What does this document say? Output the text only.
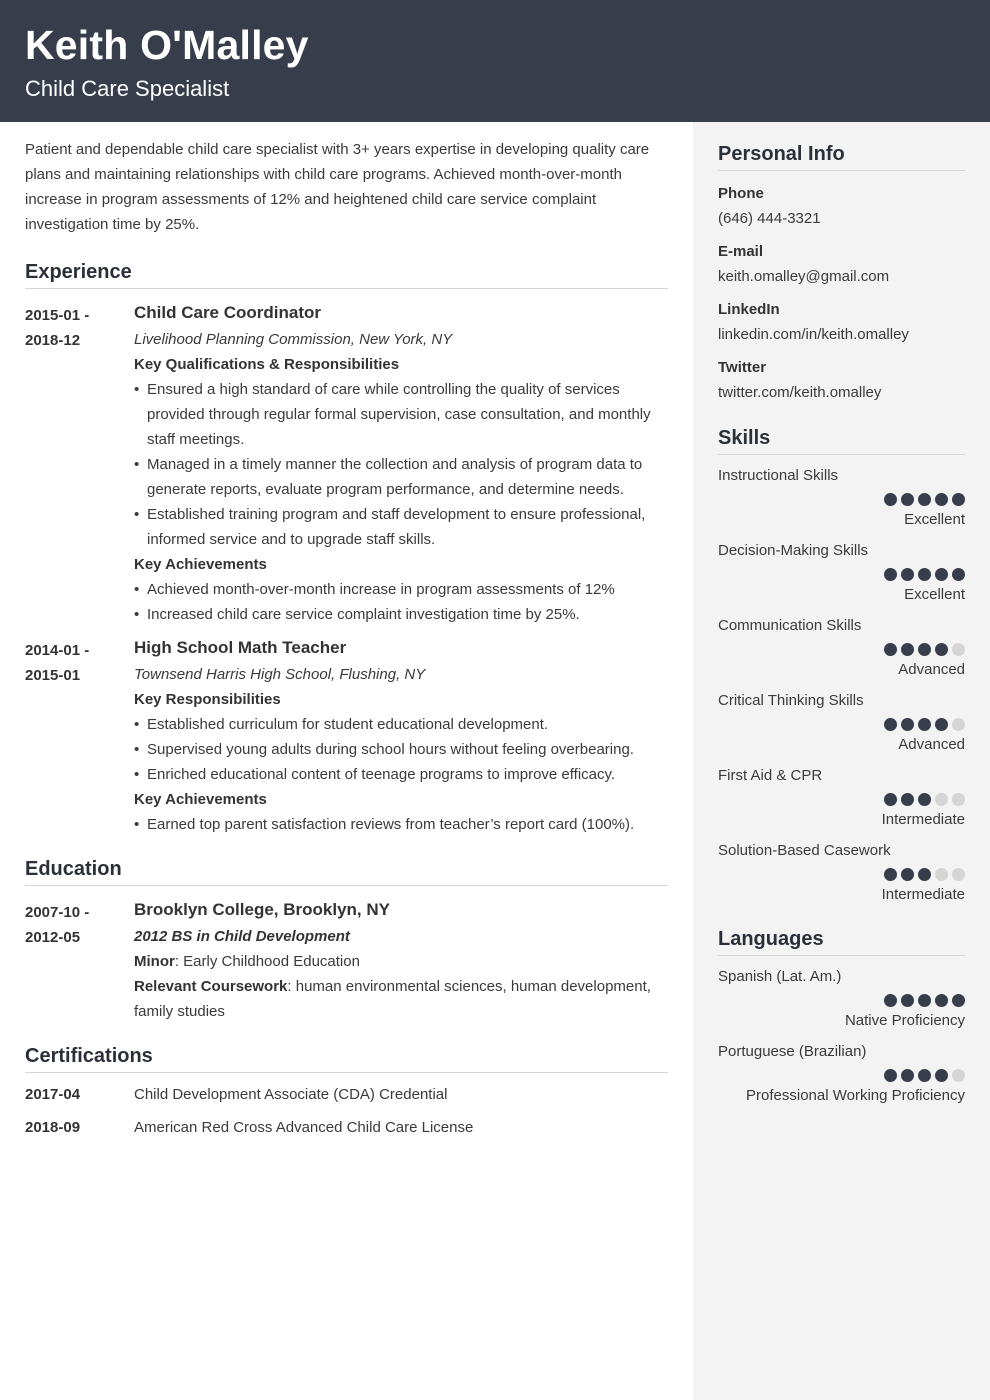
Keith O'Malley
Child Care Specialist

Patient and dependable child care specialist with 3+ years expertise in developing quality care plans and maintaining relationships with child care programs. Achieved month-over-month increase in program assessments of 12% and heightened child care service complaint investigation time by 25%.

Experience
2015-01 -
2018-12
Child Care Coordinator
Livelihood Planning Commission, New York, NY
Key Qualifications & Responsibilities
• Ensured a high standard of care while controlling the quality of services provided through regular formal supervision, case consultation, and monthly staff meetings.
• Managed in a timely manner the collection and analysis of program data to generate reports, evaluate program performance, and determine needs.
• Established training program and staff development to ensure professional, informed service and to upgrade staff skills.
Key Achievements
• Achieved month-over-month increase in program assessments of 12%
• Increased child care service complaint investigation time by 25%.
2014-01 -
2015-01
High School Math Teacher
Townsend Harris High School, Flushing, NY
Key Responsibilities
• Established curriculum for student educational development.
• Supervised young adults during school hours without feeling overbearing.
• Enriched educational content of teenage programs to improve efficacy.
Key Achievements
• Earned top parent satisfaction reviews from teacher’s report card (100%).
Education
2007-10 -
2012-05
Brooklyn College, Brooklyn, NY
2012 BS in Child Development
Minor: Early Childhood Education
Relevant Coursework: human environmental sciences, human development, family studies
Certifications
2017-04	Child Development Associate (CDA) Credential
2018-09	American Red Cross Advanced Child Care License
Personal Info
Phone
(646) 444-3321
E-mail
keith.omalley@gmail.com
LinkedIn
linkedin.com/in/keith.omalley
Twitter
twitter.com/keith.omalley
Skills
Instructional Skills
Excellent
Decision-Making Skills
Excellent
Communication Skills
Advanced
Critical Thinking Skills
Advanced
First Aid & CPR
Intermediate
Solution-Based Casework
Intermediate
Languages
Spanish (Lat. Am.)
Native Proficiency
Portuguese (Brazilian)
Professional Working Proficiency
